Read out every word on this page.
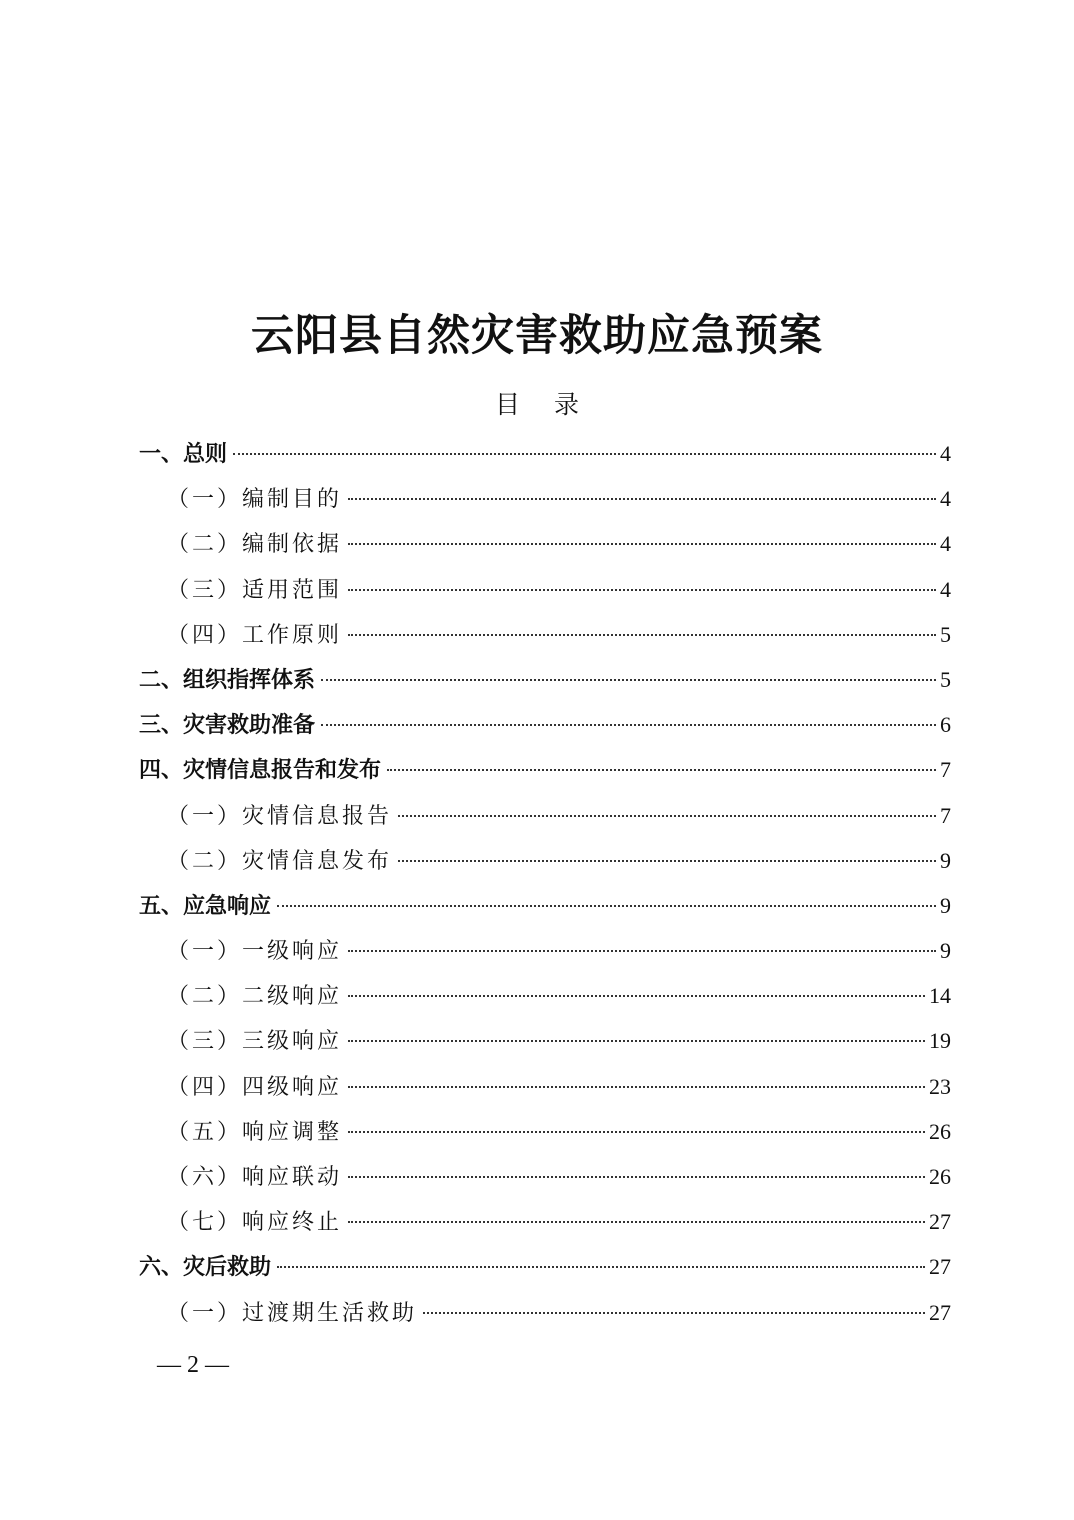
云阳县自然灾害救助应急预案
目 录
一、总则	4
（一）编制目的	4
（二）编制依据	4
（三）适用范围	4
（四）工作原则	5
二、组织指挥体系	5
三、灾害救助准备	6
四、灾情信息报告和发布	7
（一）灾情信息报告	7
（二）灾情信息发布	9
五、应急响应	9
（一）一级响应	9
（二）二级响应	14
（三）三级响应	19
（四）四级响应	23
（五）响应调整	26
（六）响应联动	26
（七）响应终止	27
六、灾后救助	27
（一）过渡期生活救助	27
— 2 —
